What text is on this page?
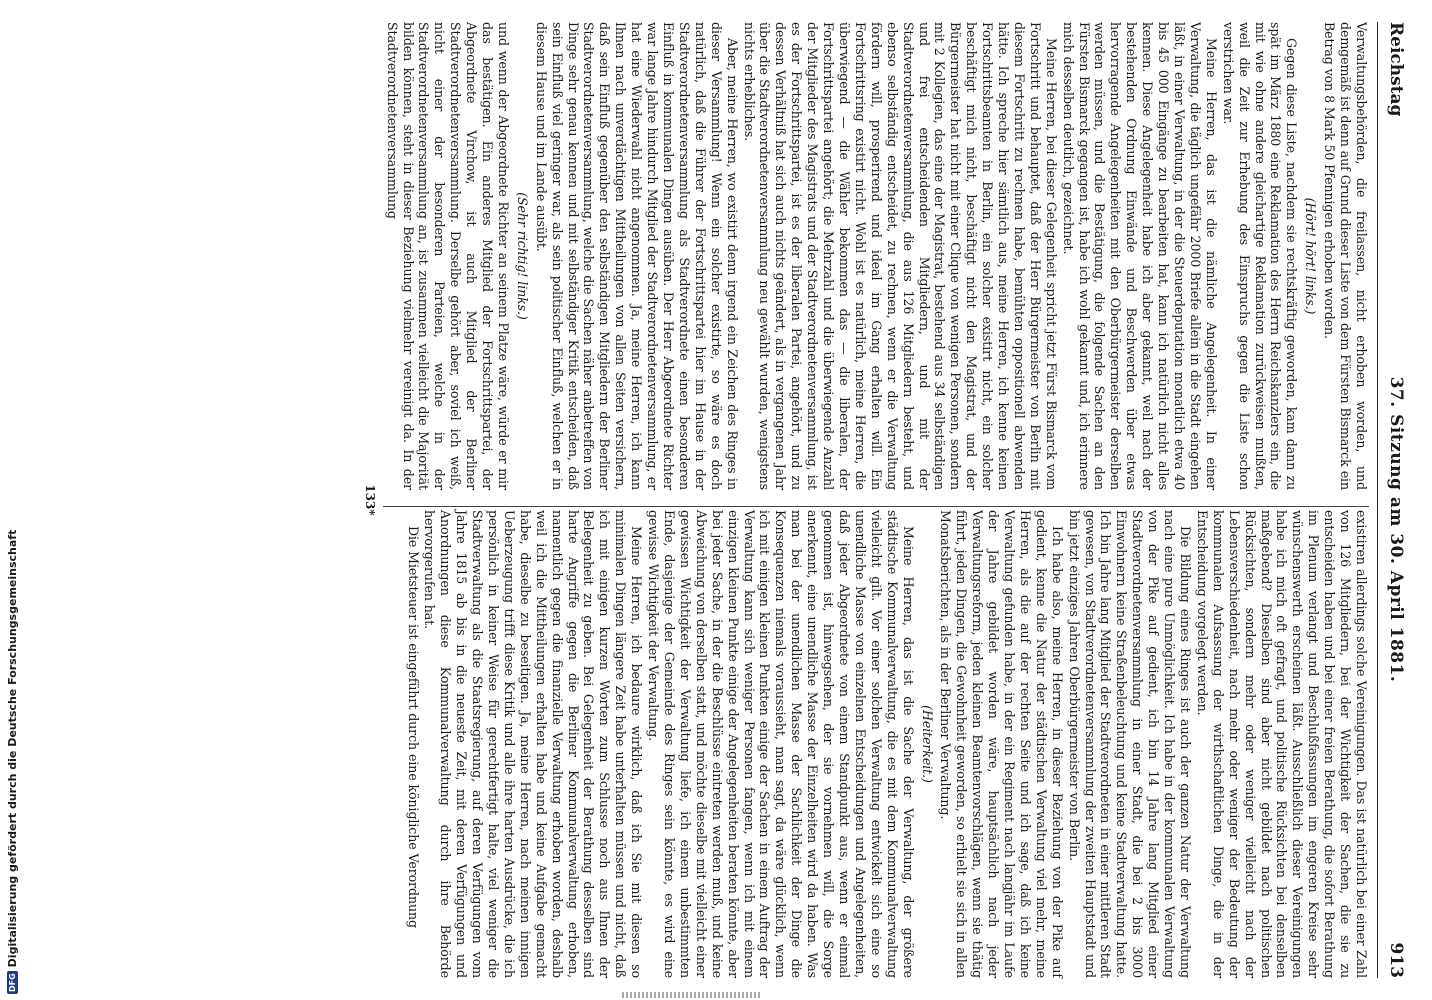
Reichstag
37. Sitzung am 30. April 1881.
913

Verwaltungsbehörden, die freilassen, nicht erhoben worden, und demgemäß ist denn auf Grund dieser Liste von dem Fürsten Bismarck ein Betrag von 8 Mark 50 Pfennigen erhoben worden.

(Hört! hört! links.)

Gegen diese Liste, nachdem sie rechtskräftig geworden, kam dann zu spät im März 1880 eine Reklamation des Herrn Reichskanzlers ein, die mit wie ohne andere gleichartige Reklamation zurückweisen mußten, weil die Zeit zur Erhebung des Einspruchs gegen die Liste schon verstrichen war.

Meine Herren, das ist die nämliche Angelegenheit. In einer Verwaltung, die täglich ungefähr 2000 Briefe allein in die Stadt eingehen läßt, in einer Verwaltung, in der die Steuerdeputation monatlich etwa 40 bis 45 000 Eingänge zu bearbeiten hat, kann ich natürlich nicht alles kennen. Diese Angelegenheit habe ich aber gekannt, weil nach der bestehenden Ordnung Einwände und Beschwerden über etwas hervorragende Angelegenheiten mit den Oberbürgermeister derselben werden müssen, und die Bestätigung, die folgende Sachen an den Fürsten Bismarck gegangen ist, habe ich wohl gekannt und, ich erinnere mich desselben deutlich, gezeichnet.

Meine Herren, bei dieser Gelegenheit spricht jetzt Fürst Bismarck vom Fortschritt und behauptet, daß der Herr Bürgermeister von Berlin mit diesem Fortschritt zu rechnen habe, bemühten oppositionell abwenden hätte. Ich spreche hier sämtlich aus, meine Herren, ich kenne keinen Fortschrittsbeamten in Berlin, ein solcher existirt nicht, ein solcher beschäftigt mich nicht, beschäftigt nicht den Magistrat, und der Bürgermeister hat nicht mit einer Clique von wenigen Personen, sondern mit 2 Kollegien, das eine der Magistrat, bestehend aus 34 selbständigen und frei entscheidenden Mitgliedern, und mit der Stadtverordnetenversammlung, die aus 126 Mitgliedern besteht, und ebenso selbständig entscheidet, zu rechnen, wenn er die Verwaltung fördern will, prosperirend und ideal im Gang erhalten will. Ein Fortschrittsring existirt nicht. Wohl ist es natürlich, meine Herren, die überwiegend — die Wähler bekommen das — die liberalen, der Fortschrittspartei angehört; die Mehrzahl und die überwiegende Anzahl der Mitglieder des Magistrats und der Stadtverordnetenversammlung, ist es der Fortschrittspartei, ist es der liberalen Partei, angehört, und zu dessen Verhältniß hat sich auch nichts geändert, als in vergangenen Jahr über die Stadtverordnetenversammlung neu gewählt wurden, wenigstens nichts erhebliches.

Aber, meine Herren, wo existirt denn irgend ein Zeichen des Ringes in dieser Versammlung! Wenn ein solcher existirte, so wäre es doch natürlich, daß die Führer der Fortschrittspartei hier im Hause in der Stadtverordnetenversammlung als Stadtverordnete einen besonderen Einfluß in kommunalen Dingen ausüben. Der Herr Abgeordnete Richter war lange Jahre hindurch Mitglied der Stadtverordnetenversammlung, er hat eine Wiederwahl nicht angenommen. Ja, meine Herren, ich kann Ihnen nach unverdächtigen Mittheilungen von allen Seiten versichern, daß sein Einfluß gegenüber den selbständigen Mitgliedern der Berliner Stadtverordnetenversammlung, welche die Sachen näher anbetreffen von Dinge sehr genau kennen und mit selbständiger Kritik entscheiden, daß sein Einfluß viel geringer war, als sein politischer Einfluß, welchen er in diesem Hause und im Lande ausübt.

(Sehr richtig! links.)

und wenn der Abgeordnete Richter an seinem Platze wäre, würde er mir das bestätigen. Ein anderes Mitglied der Fortschrittspartei, der Abgeordnete Virchow, ist auch Mitglied der Berliner Stadtverordnetenversammlung. Derselbe gehört aber, soviel ich weiß, nicht einer der besonderen Parteien, welche in der Stadtverordnetenversammlung an, ist zusammen vielleicht die Majorität bilden können, steht in dieser Beziehung vielmehr vereinigt da. In der Stadtverordnetenversammlung

existiren allerdings solche Vereinigungen. Das ist natürlich bei einer Zahl von 126 Mitgliedern, bei der Wichtigkeit der Sachen, die sie zu entscheiden haben und bei einer freien Berathung, die sofort Berathung im Plenum verlangt und Beschlußfassungen im engeren Kreise sehr wünschenswerth erscheinen läßt. Ausschließlich dieser Vereinigungen habe ich mich oft gefragt, und politische Rücksichten bei denselben maßgebend? Dieselben sind aber nicht gebildet nach politischen Rücksichten, sondern mehr oder weniger vielleicht nach der Lebensverschiedenheit, nach mehr oder weniger der Bedeutung der kommunalen Aufsassung der wirthschaftlichen Dinge, die in der Entscheidung vorgelegt werden.

Die Bildung eines Ringes ist auch der ganzen Natur der Verwaltung nach eine pure Unmöglichkeit. Ich habe in der kommunalen Verwaltung von der Pike auf gedient, ich bin 14 Jahre lang Mitglied einer Stadtverordnetenversammlung in einer Stadt, die bei 2 bis 3000 Einwohnern keine Straßenbeleuchtung und keine Stadtverwaltung hatte. Ich bin Jahre lang Mitglied der Stadtverordneten in einer mittleren Stadt gewesen, von Stadtverordnetenversammlung der zweiten Hauptstadt und bin jetzt einziges Jahren Oberbürgermeister von Berlin.

Ich habe also, meine Herren, in dieser Beziehung von der Pike auf gedient, kenne die Natur der städtischen Verwaltung viel mehr, meine Herren, als die auf der rechten Seite und ich sage, daß ich keine Verwaltung gefunden habe, in der ein Regiment nach langjähr im Laufe der Jahre gebildet worden wäre, hauptsächlich nach jeder Verwaltungsreform, jeden kleinen Beamtenvorschlägen, wenn sie thätig führt, jeden Dingen, die Gewohnheit geworden, so erhielt sie sich in allen Monatsberichten, als in der Berliner Verwaltung.

(Heiterkeit.)

Meine Herren, das ist die Sache der Verwaltung, der größere städtische Kommunalverwaltung, die es mit dem Kommunalverwaltung vielleicht gilt. Vor einer solchen Verwaltung entwickelt sich eine so unendliche Masse von einzelnen Entscheidungen und Angelegenheiten, daß jeder Abgeordnete von einem Standpunkt aus, wenn er einmal genommen ist, hinwegsehen, der sie vornehmen will, die Sorge anerkennt, eine unendliche Masse der Einzelheiten wird da haben. Was man bei der unendlichen Masse der Sachlichkeit der Dinge die Konsequenzen niemals voraussieht, man sagt, da wäre glücklich, wenn ich mit einigen kleinen Punkten einige der Sachen in einem Auftrag der Verwaltung kann sich weniger Personen fangen, wenn ich mit einem einzigen kleinen Punkte einige der Angelegenheiten beraten könnte, aber bei jeder Sache, in der die Beschlüsse eintreten werden muß, und keine Abweichung von derselben statt, und möchte dieselbe mit vielleicht einer gewissen Wichtigkeit der Verwaltung liefe, ich einem unbestimmten Ende, dasjenige der Gemeinde des Ringes sein könnte, es wird eine gewisse Wichtigkeit der Verwaltung.

Meine Herren, ich bedaure wirklich, daß ich Sie mit diesen so minimalen Dingen längere Zeit habe unterhalten müssen und nicht, daß ich mit einigen kurzen Worten zum Schlusse noch aus Ihnen der Belegenheit zu geben. Bei Gelegenheit der Berathung desselben sind harte Angriffe gegen die Berliner Kommunalverwaltung erhoben, namentlich gegen die finanzielle Verwaltung erhoben worden, deshalb weil ich die Mittheilungen erhalten habe und keine Aufgabe gemacht habe, dieselbe zu beseitigen. Ja, meine Herren, nach meinen innigen Ueberzeugung trifft diese Kritik und alle ihre harten Ausdrücke, die ich persönlich in keiner Weise für gerechtfertigt halte, viel weniger die Stadtverwaltung als die Staatsregierung, auf deren Verfügungen vom Jahre 1815 ab bis in die neueste Zeit, mit deren Verfügungen und Anordnungen diese Kommunalverwaltung durch ihre Behörde hervorgerufen hat.

Die Mietsteuer ist eingeführt durch eine königliche Verordnung

133*
DFG
Digitalisierung gefördert durch die Deutsche Forschungsgemeinschaft
